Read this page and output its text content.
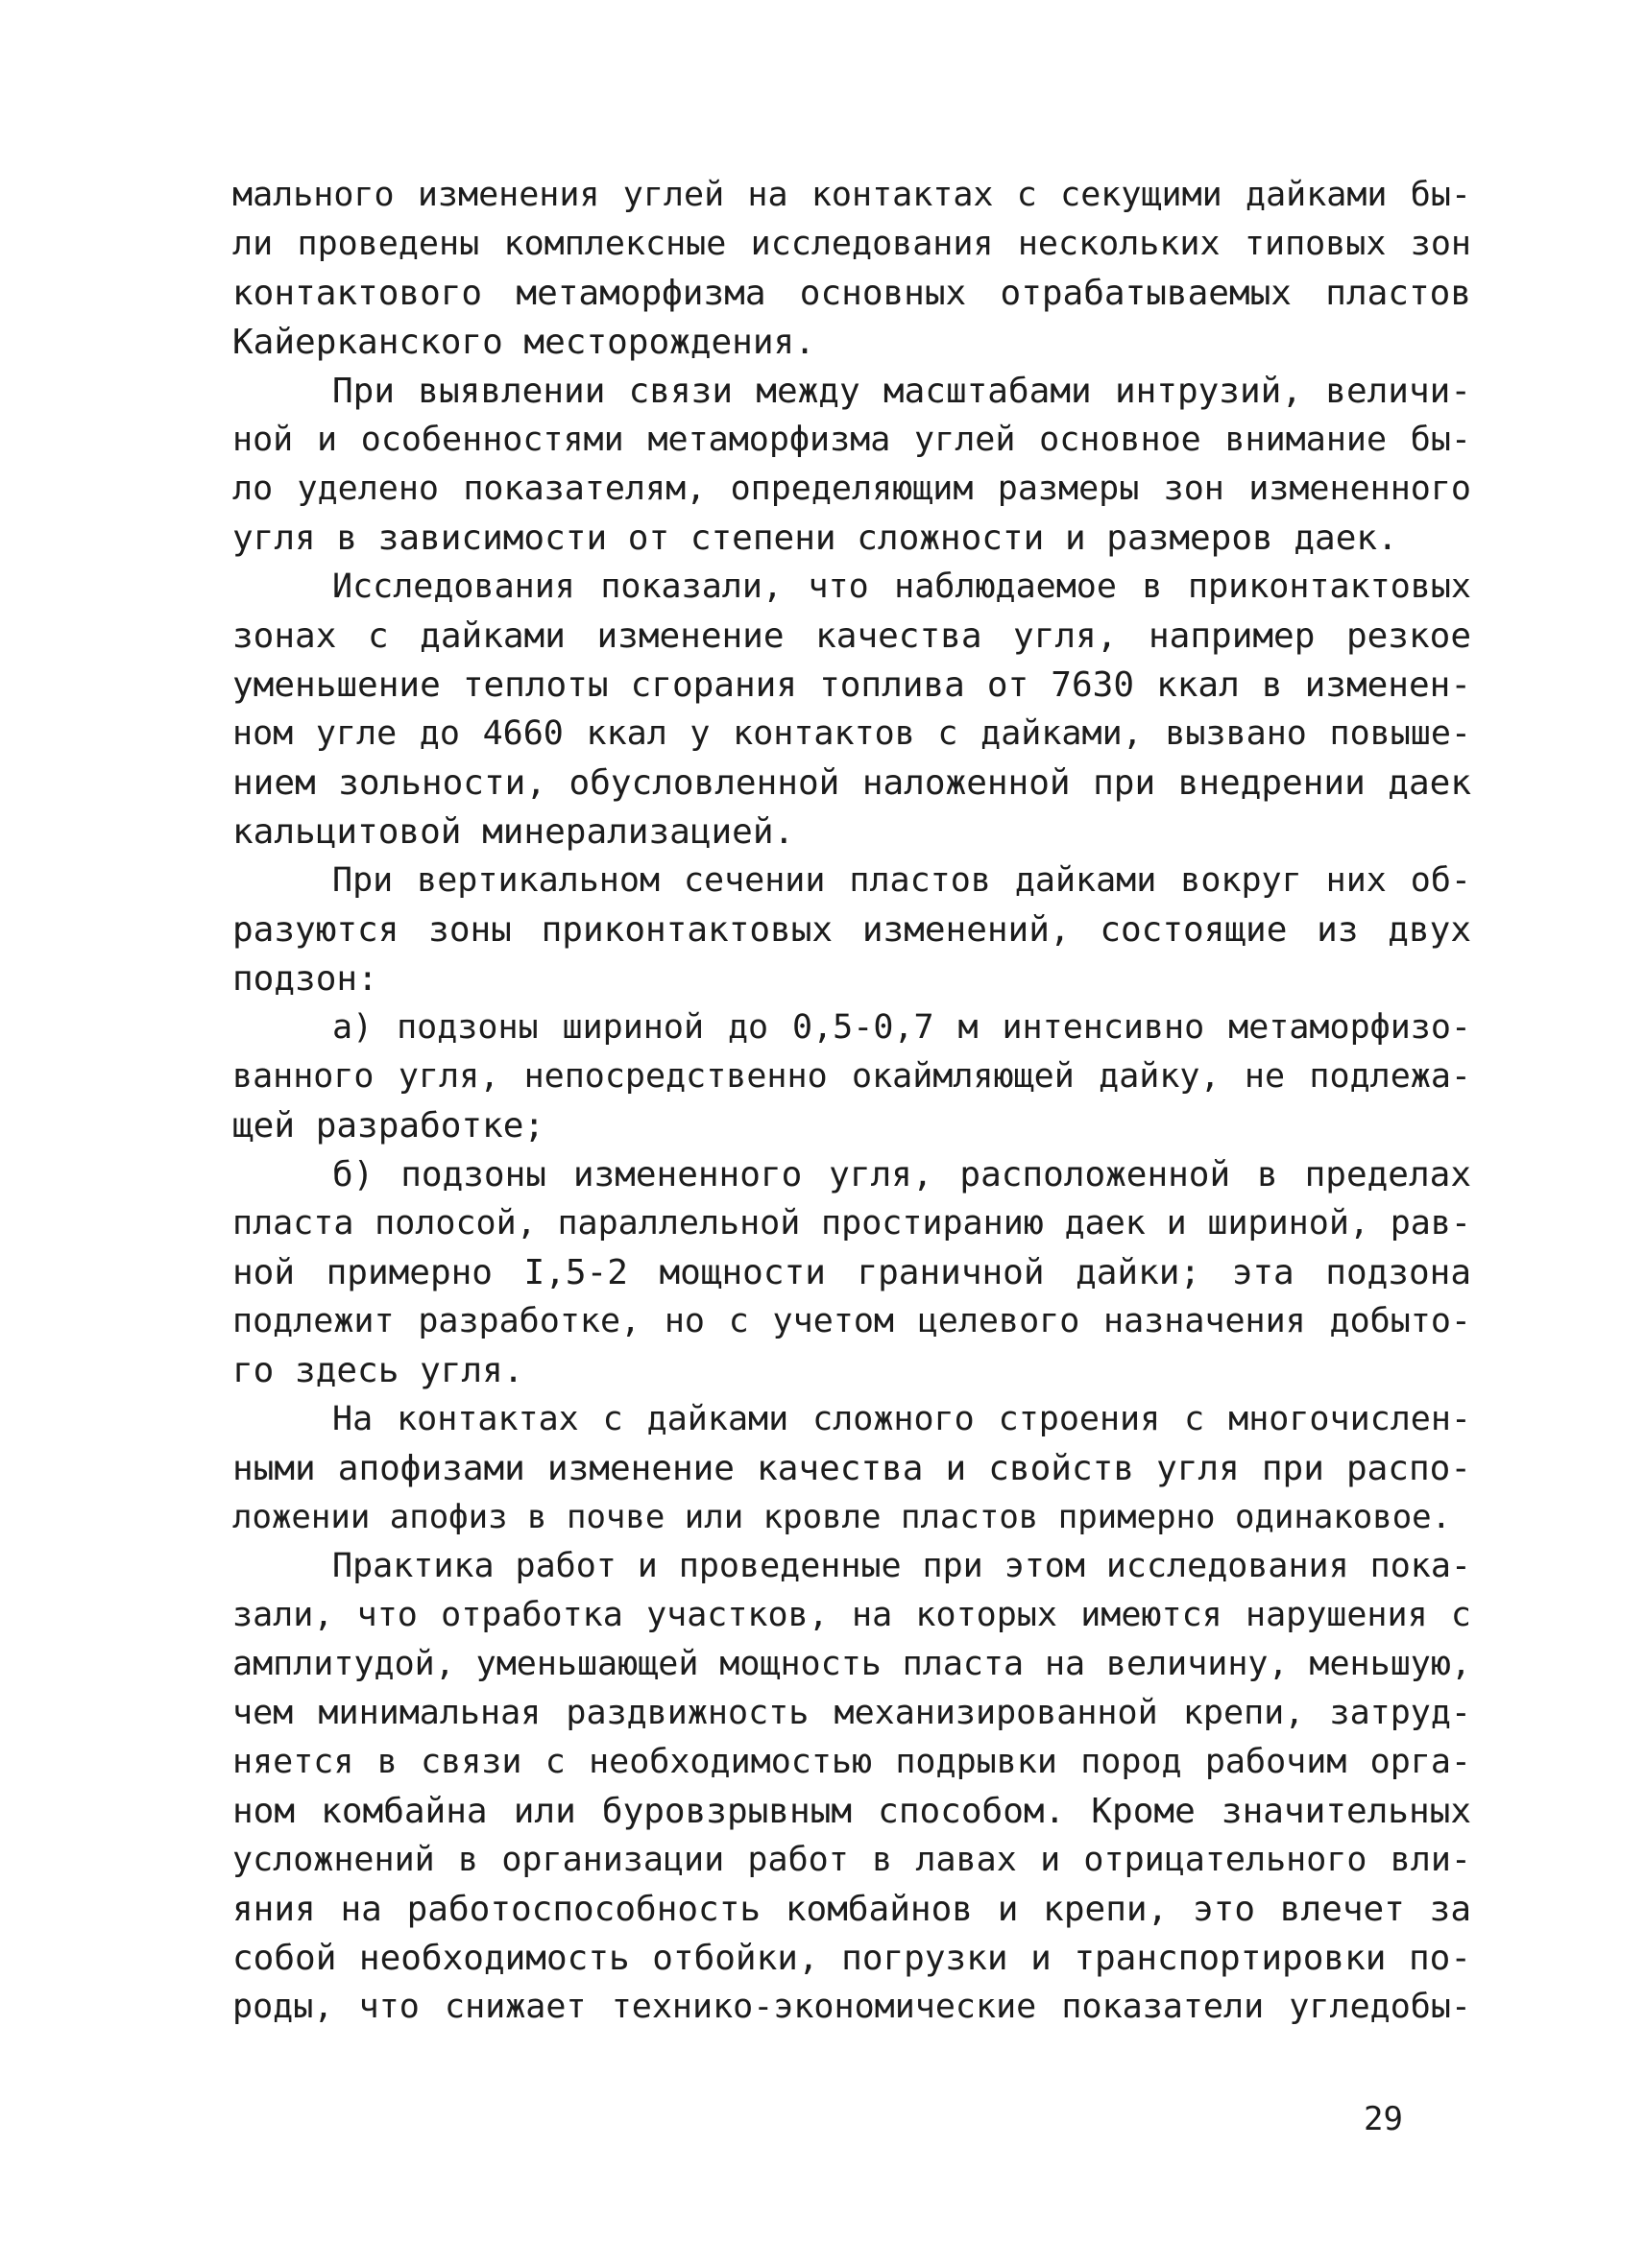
мального изменения углей на контактах с секущими дайками бы-
ли проведены комплексные исследования нескольких типовых зон
контактового метаморфизма основных отрабатываемых пластов
Кайерканского месторождения.
При выявлении связи между масштабами интрузий, величи-
ной и особенностями метаморфизма углей основное внимание бы-
ло уделено показателям, определяющим размеры зон измененного
угля в зависимости от степени сложности и размеров даек.
Исследования показали, что наблюдаемое в приконтактовых
зонах с дайками изменение качества угля, например резкое
уменьшение теплоты сгорания топлива от 7630 ккал в изменен-
ном угле до 4660 ккал у контактов с дайками, вызвано повыше-
нием зольности, обусловленной наложенной при внедрении даек
кальцитовой минерализацией.
При вертикальном сечении пластов дайками вокруг них об-
разуются зоны приконтактовых изменений, состоящие из двух
подзон:
а) подзоны шириной до 0,5-0,7 м интенсивно метаморфизо-
ванного угля, непосредственно окаймляющей дайку, не подлежа-
щей разработке;
б) подзоны измененного угля, расположенной в пределах
пласта полосой, параллельной простиранию даек и шириной, рав-
ной примерно I,5-2 мощности граничной дайки; эта подзона
подлежит разработке, но с учетом целевого назначения добыто-
го здесь угля.
На контактах с дайками сложного строения с многочислен-
ными апофизами изменение качества и свойств угля при распо-
ложении апофиз в почве или кровле пластов примерно одинаковое.
Практика работ и проведенные при этом исследования пока-
зали, что отработка участков, на которых имеются нарушения с
амплитудой, уменьшающей мощность пласта на величину, меньшую,
чем минимальная раздвижность механизированной крепи, затруд-
няется в связи с необходимостью подрывки пород рабочим орга-
ном комбайна или буровзрывным способом. Кроме значительных
усложнений в организации работ в лавах и отрицательного вли-
яния на работоспособность комбайнов и крепи, это влечет за
собой необходимость отбойки, погрузки и транспортировки по-
роды, что снижает технико-экономические показатели угледобы-
29
